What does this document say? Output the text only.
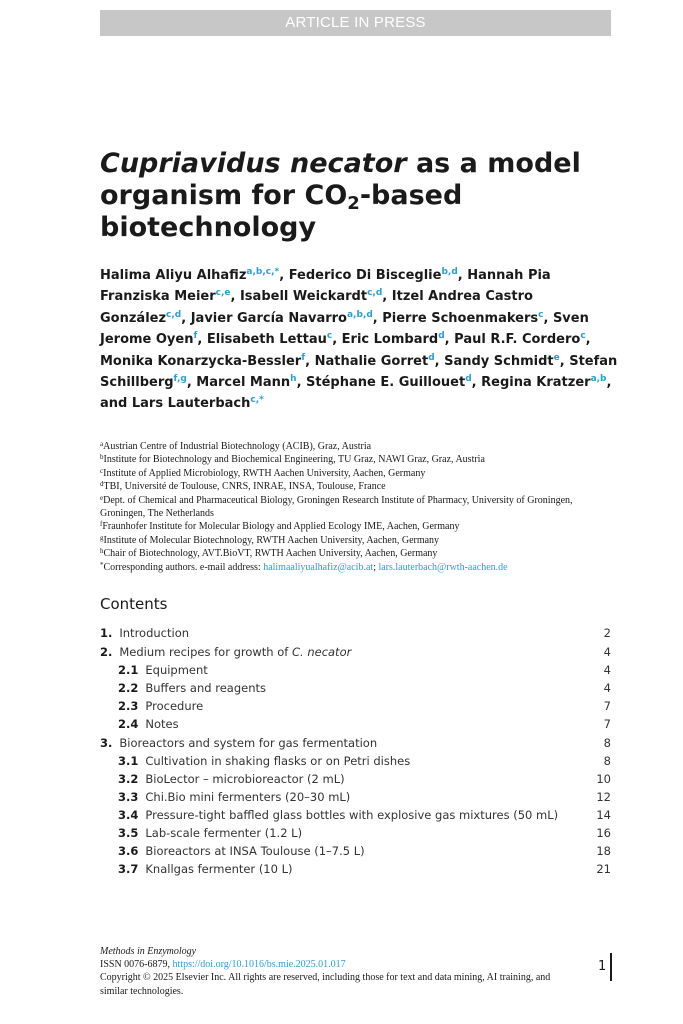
ARTICLE IN PRESS
Cupriavidus necator as a model organism for $CO_2$-based biotechnology
Halima Aliyu Alhafiz$^{a,b,c,*}$, Federico Di Bisceglie$^{b,d}$, Hannah Pia Franziska Meier$^{c,e}$, Isabell Weickardt$^{c,d}$, Itzel Andrea Castro González$^{c,d}$, Javier García Navarro$^{a,b,d}$, Pierre Schoenmakers$^c$, Sven Jerome Oyen$^f$, Elisabeth Lettau$^c$, Eric Lombard$^d$, Paul R.F. Cordero$^c$, Monika Konarzycka-Bessler$^f$, Nathalie Gorret$^d$, Sandy Schmidt$^e$, Stefan Schillberg$^{f,g}$, Marcel Mann$^h$, Stéphane E. Guillouet$^d$, Regina Kratzer$^{a,b}$, and Lars Lauterbach$^{c,*}$
$^a$Austrian Centre of Industrial Biotechnology (ACIB), Graz, Austria
$^b$Institute for Biotechnology and Biochemical Engineering, TU Graz, NAWI Graz, Graz, Austria
$^c$Institute of Applied Microbiology, RWTH Aachen University, Aachen, Germany
$^d$TBI, Université de Toulouse, CNRS, INRAE, INSA, Toulouse, France
$^e$Dept. of Chemical and Pharmaceutical Biology, Groningen Research Institute of Pharmacy, University of Groningen, Groningen, The Netherlands
$^f$Fraunhofer Institute for Molecular Biology and Applied Ecology IME, Aachen, Germany
$^g$Institute of Molecular Biotechnology, RWTH Aachen University, Aachen, Germany
$^h$Chair of Biotechnology, AVT.BioVT, RWTH Aachen University, Aachen, Germany
*Corresponding authors. e-mail address: halimaaliyualhafiz@acib.at; lars.lauterbach@rwth-aachen.de
Contents
1. Introduction	2
2. Medium recipes for growth of C. necator	4
2.1 Equipment	4
2.2 Buffers and reagents	4
2.3 Procedure	7
2.4 Notes	7
3. Bioreactors and system for gas fermentation	8
3.1 Cultivation in shaking flasks or on Petri dishes	8
3.2 BioLector – microbioreactor (2 mL)	10
3.3 Chi.Bio mini fermenters (20–30 mL)	12
3.4 Pressure-tight baffled glass bottles with explosive gas mixtures (50 mL)	14
3.5 Lab-scale fermenter (1.2 L)	16
3.6 Bioreactors at INSA Toulouse (1–7.5 L)	18
3.7 Knallgas fermenter (10 L)	21
Methods in Enzymology
ISSN 0076-6879, https://doi.org/10.1016/bs.mie.2025.01.017
Copyright © 2025 Elsevier Inc. All rights are reserved, including those for text and data mining, AI training, and similar technologies.
1
